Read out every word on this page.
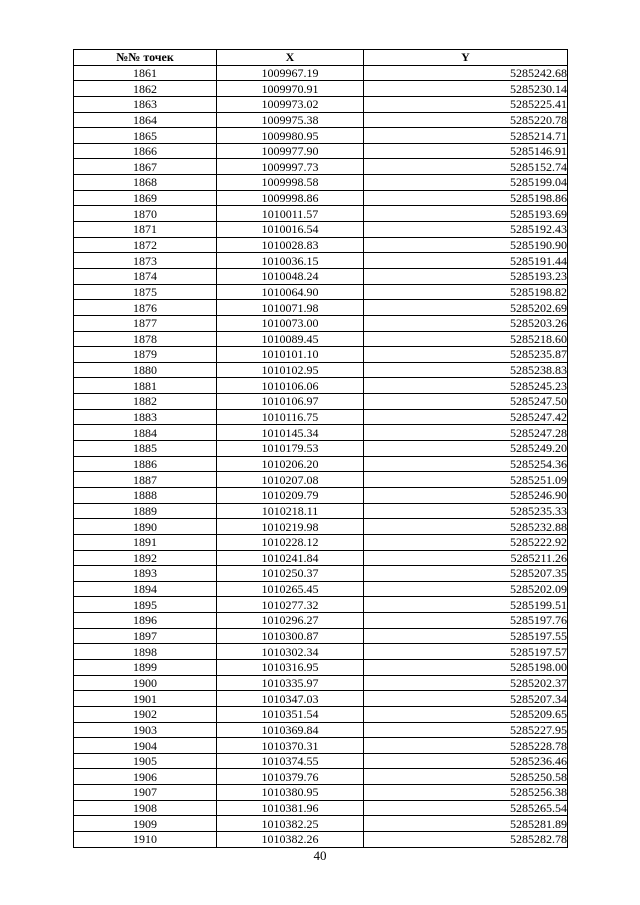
№№ точек	X	Y
1861	1009967.19	5285242.68
1862	1009970.91	5285230.14
1863	1009973.02	5285225.41
1864	1009975.38	5285220.78
1865	1009980.95	5285214.71
1866	1009977.90	5285146.91
1867	1009997.73	5285152.74
1868	1009998.58	5285199.04
1869	1009998.86	5285198.86
1870	1010011.57	5285193.69
1871	1010016.54	5285192.43
1872	1010028.83	5285190.90
1873	1010036.15	5285191.44
1874	1010048.24	5285193.23
1875	1010064.90	5285198.82
1876	1010071.98	5285202.69
1877	1010073.00	5285203.26
1878	1010089.45	5285218.60
1879	1010101.10	5285235.87
1880	1010102.95	5285238.83
1881	1010106.06	5285245.23
1882	1010106.97	5285247.50
1883	1010116.75	5285247.42
1884	1010145.34	5285247.28
1885	1010179.53	5285249.20
1886	1010206.20	5285254.36
1887	1010207.08	5285251.09
1888	1010209.79	5285246.90
1889	1010218.11	5285235.33
1890	1010219.98	5285232.88
1891	1010228.12	5285222.92
1892	1010241.84	5285211.26
1893	1010250.37	5285207.35
1894	1010265.45	5285202.09
1895	1010277.32	5285199.51
1896	1010296.27	5285197.76
1897	1010300.87	5285197.55
1898	1010302.34	5285197.57
1899	1010316.95	5285198.00
1900	1010335.97	5285202.37
1901	1010347.03	5285207.34
1902	1010351.54	5285209.65
1903	1010369.84	5285227.95
1904	1010370.31	5285228.78
1905	1010374.55	5285236.46
1906	1010379.76	5285250.58
1907	1010380.95	5285256.38
1908	1010381.96	5285265.54
1909	1010382.25	5285281.89
1910	1010382.26	5285282.78
40
